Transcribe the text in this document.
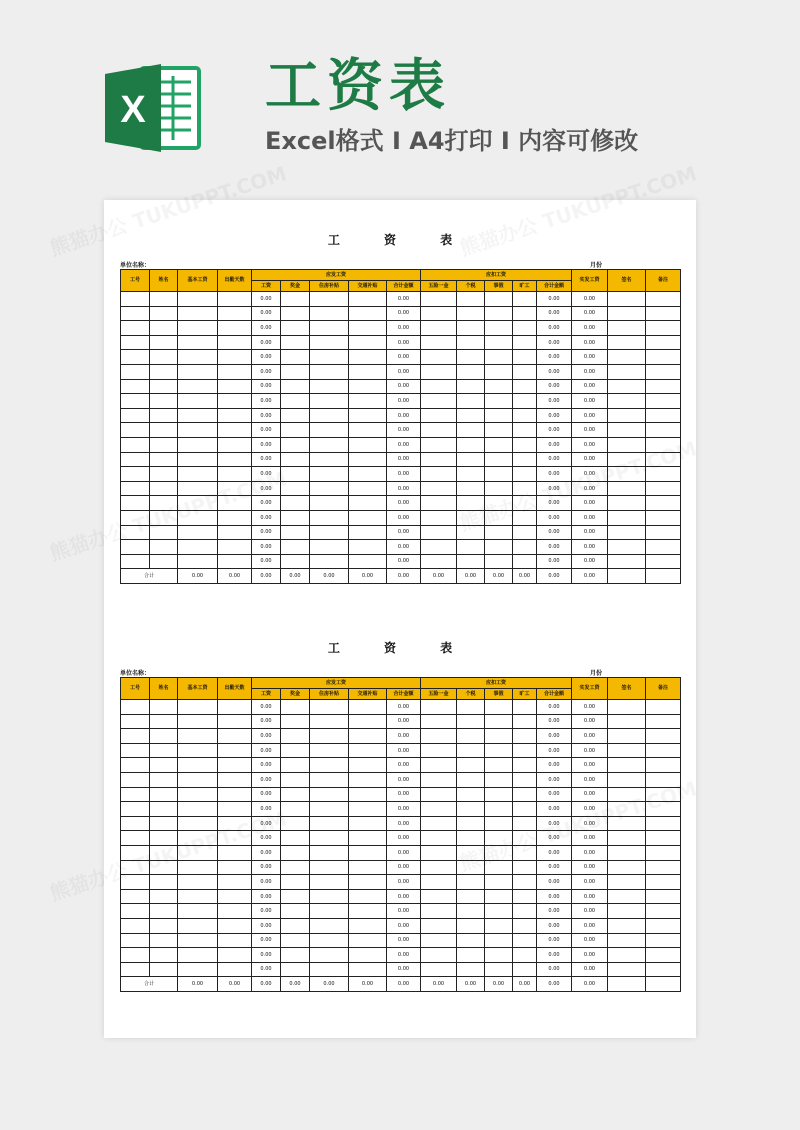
X 工资表
Excel格式 I A4打印 I 内容可修改
工 资 表
单位名称：	月份
工号	姓名	基本工资	出勤天数	应发工资					应扣工资					实发工资	签名	备注
				工资	奖金	住房补贴	交通补贴	合计金额	五险一金	个税	事假	旷工	合计金额			
				0.00				0.00					0.00	0.00		
				0.00				0.00					0.00	0.00		
				0.00				0.00					0.00	0.00		
				0.00				0.00					0.00	0.00		
				0.00				0.00					0.00	0.00		
				0.00				0.00					0.00	0.00		
				0.00				0.00					0.00	0.00		
				0.00				0.00					0.00	0.00		
				0.00				0.00					0.00	0.00		
				0.00				0.00					0.00	0.00		
				0.00				0.00					0.00	0.00		
				0.00				0.00					0.00	0.00		
				0.00				0.00					0.00	0.00		
				0.00				0.00					0.00	0.00		
				0.00				0.00					0.00	0.00		
				0.00				0.00					0.00	0.00		
				0.00				0.00					0.00	0.00		
				0.00				0.00					0.00	0.00		
				0.00				0.00					0.00	0.00		
合计		0.00	0.00	0.00	0.00	0.00	0.00	0.00	0.00	0.00	0.00	0.00	0.00	0.00		
工 资 表
单位名称：	月份
工号	姓名	基本工资	出勤天数	应发工资					应扣工资					实发工资	签名	备注
				工资	奖金	住房补贴	交通补贴	合计金额	五险一金	个税	事假	旷工	合计金额			
				0.00				0.00					0.00	0.00		
				0.00				0.00					0.00	0.00		
				0.00				0.00					0.00	0.00		
				0.00				0.00					0.00	0.00		
				0.00				0.00					0.00	0.00		
				0.00				0.00					0.00	0.00		
				0.00				0.00					0.00	0.00		
				0.00				0.00					0.00	0.00		
				0.00				0.00					0.00	0.00		
				0.00				0.00					0.00	0.00		
				0.00				0.00					0.00	0.00		
				0.00				0.00					0.00	0.00		
				0.00				0.00					0.00	0.00		
				0.00				0.00					0.00	0.00		
				0.00				0.00					0.00	0.00		
				0.00				0.00					0.00	0.00		
				0.00				0.00					0.00	0.00		
				0.00				0.00					0.00	0.00		
				0.00				0.00					0.00	0.00		
合计		0.00	0.00	0.00	0.00	0.00	0.00	0.00	0.00	0.00	0.00	0.00	0.00	0.00		
